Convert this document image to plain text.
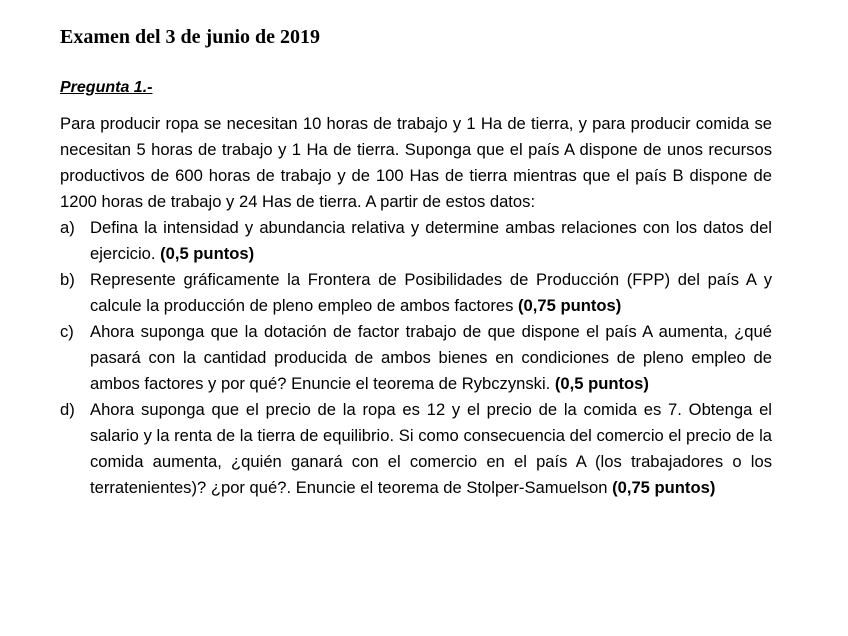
Examen del 3 de junio de 2019
Pregunta 1.-
Para producir ropa se necesitan 10 horas de trabajo y 1 Ha de tierra, y para producir comida se necesitan 5 horas de trabajo y 1 Ha de tierra. Suponga que el país A dispone de unos recursos productivos de 600 horas de trabajo y de 100 Has de tierra mientras que el país B dispone de 1200 horas de trabajo y 24 Has de tierra. A partir de estos datos:
a) Defina la intensidad y abundancia relativa y determine ambas relaciones con los datos del ejercicio. (0,5 puntos)
b) Represente gráficamente la Frontera de Posibilidades de Producción (FPP) del país A y calcule la producción de pleno empleo de ambos factores (0,75 puntos)
c) Ahora suponga que la dotación de factor trabajo de que dispone el país A aumenta, ¿qué pasará con la cantidad producida de ambos bienes en condiciones de pleno empleo de ambos factores y por qué? Enuncie el teorema de Rybczynski. (0,5 puntos)
d) Ahora suponga que el precio de la ropa es 12 y el precio de la comida es 7. Obtenga el salario y la renta de la tierra de equilibrio. Si como consecuencia del comercio el precio de la comida aumenta, ¿quién ganará con el comercio en el país A (los trabajadores o los terratenientes)? ¿por qué?. Enuncie el teorema de Stolper-Samuelson (0,75 puntos)
